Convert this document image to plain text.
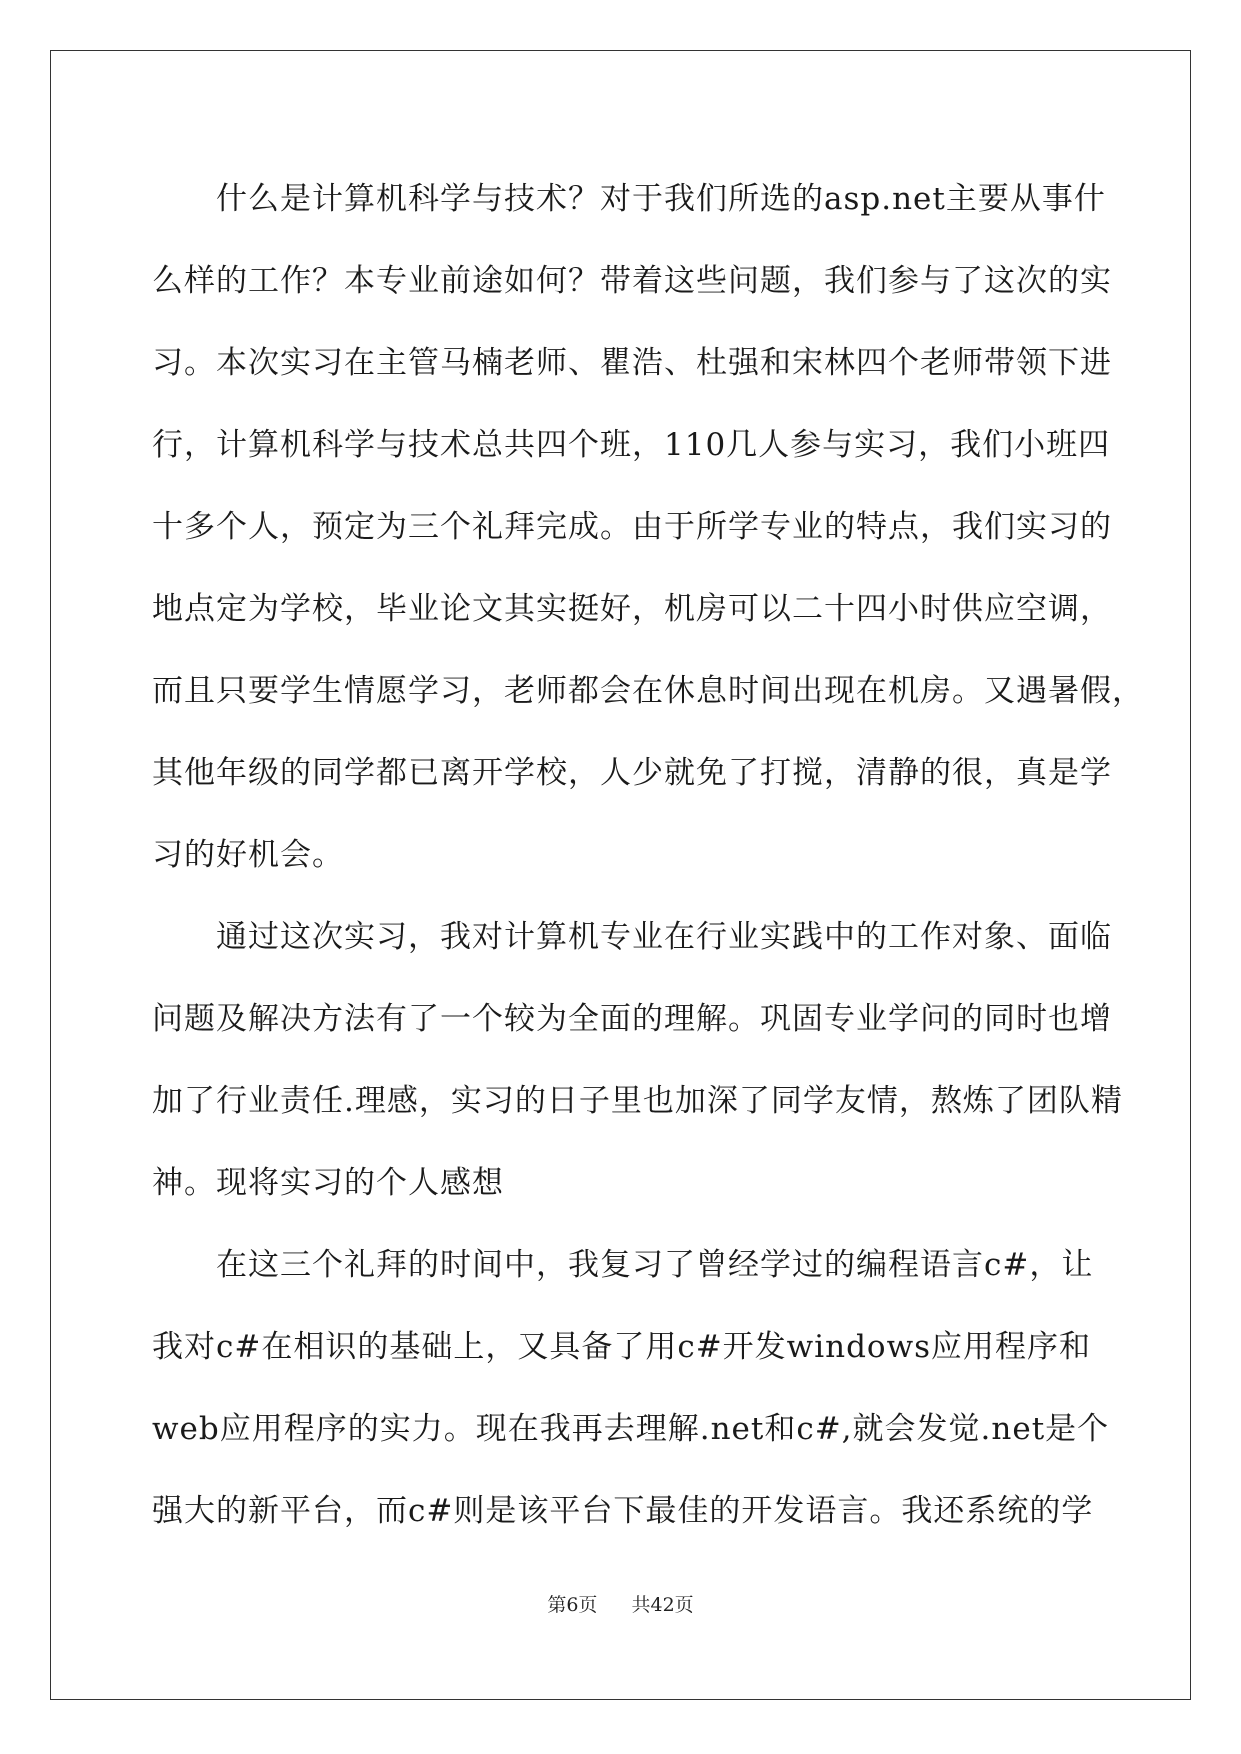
什么是计算机科学与技术？对于我们所选的asp.net主要从事什
么样的工作？本专业前途如何？带着这些问题，我们参与了这次的实
习。本次实习在主管马楠老师、瞿浩、杜强和宋林四个老师带领下进
行，计算机科学与技术总共四个班，110几人参与实习，我们小班四
十多个人，预定为三个礼拜完成。由于所学专业的特点，我们实习的
地点定为学校，毕业论文其实挺好，机房可以二十四小时供应空调，
而且只要学生情愿学习，老师都会在休息时间出现在机房。又遇暑假，
其他年级的同学都已离开学校，人少就免了打搅，清静的很，真是学
习的好机会。
通过这次实习，我对计算机专业在行业实践中的工作对象、面临
问题及解决方法有了一个较为全面的理解。巩固专业学问的同时也增
加了行业责任.理感，实习的日子里也加深了同学友情，熬炼了团队精
神。现将实习的个人感想
在这三个礼拜的时间中，我复习了曾经学过的编程语言c#，让
我对c#在相识的基础上，又具备了用c#开发windows应用程序和
web应用程序的实力。现在我再去理解.net和c#,就会发觉.net是个
强大的新平台，而c#则是该平台下最佳的开发语言。我还系统的学
第6页 共42页
